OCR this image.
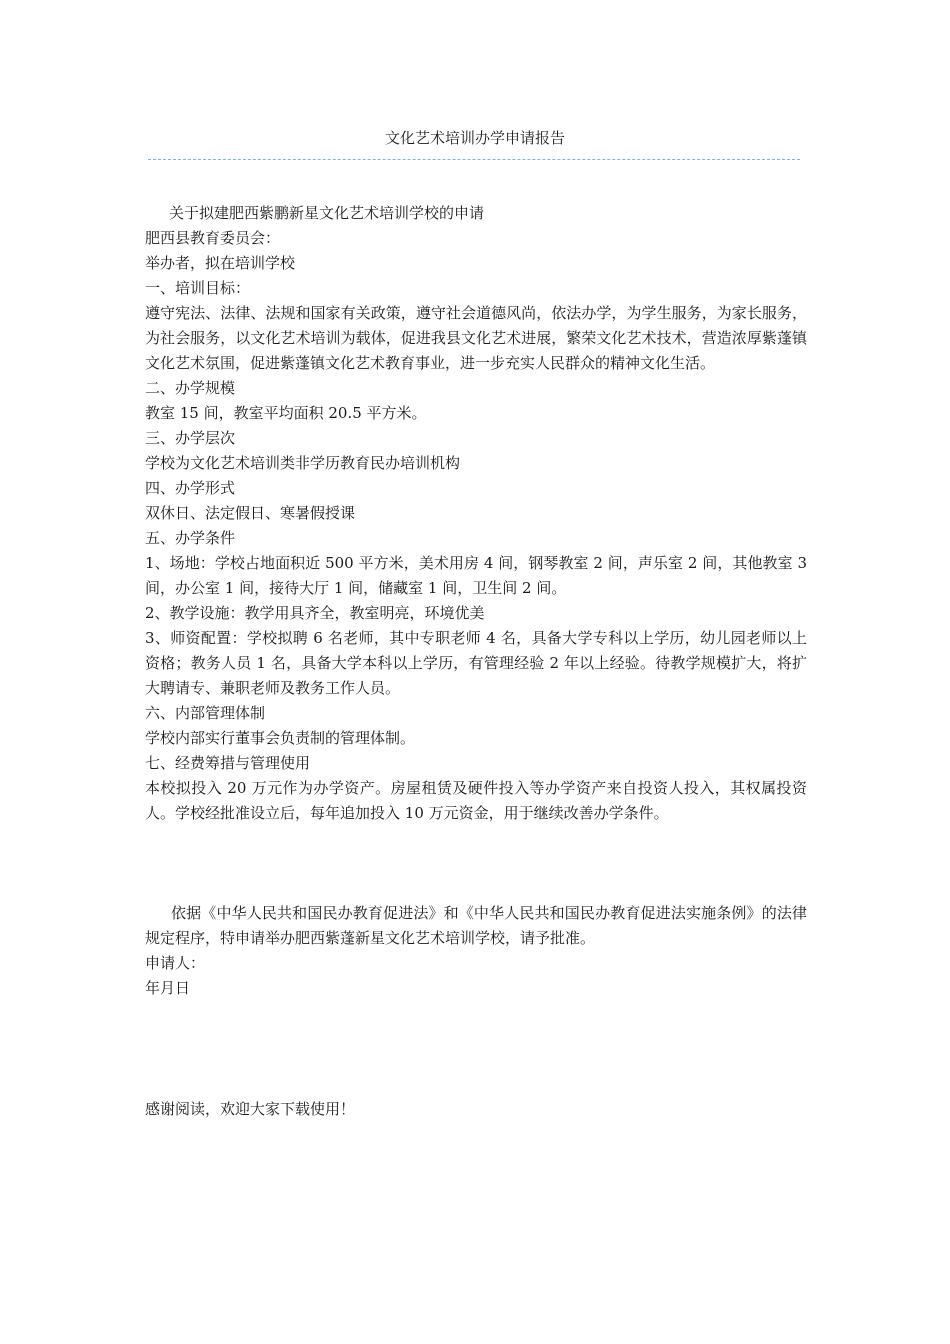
文化艺术培训办学申请报告

关于拟建肥西紫鹏新星文化艺术培训学校的申请

肥西县教育委员会：

举办者，拟在培训学校

一、培训目标：

遵守宪法、法律、法规和国家有关政策，遵守社会道德风尚，依法办学，为学生服务，为家长服务，为社会服务，以文化艺术培训为载体，促进我县文化艺术进展，繁荣文化艺术技术，营造浓厚紫蓬镇文化艺术氛围，促进紫蓬镇文化艺术教育事业，进一步充实人民群众的精神文化生活。

二、办学规模

教室 15 间，教室平均面积 20.5 平方米。

三、办学层次

学校为文化艺术培训类非学历教育民办培训机构

四、办学形式

双休日、法定假日、寒暑假授课

五、办学条件

1、场地：学校占地面积近 500 平方米，美术用房 4 间，钢琴教室 2 间，声乐室 2 间，其他教室 3 间，办公室 1 间，接待大厅 1 间，储藏室 1 间，卫生间 2 间。

2、教学设施：教学用具齐全，教室明亮，环境优美

3、师资配置：学校拟聘 6 名老师，其中专职老师 4 名，具备大学专科以上学历，幼儿园老师以上资格；教务人员 1 名，具备大学本科以上学历，有管理经验 2 年以上经验。待教学规模扩大，将扩大聘请专、兼职老师及教务工作人员。

六、内部管理体制

学校内部实行董事会负责制的管理体制。

七、经费筹措与管理使用

本校拟投入 20 万元作为办学资产。房屋租赁及硬件投入等办学资产来自投资人投入，其权属投资人。学校经批准设立后，每年追加投入 10 万元资金，用于继续改善办学条件。

依据《中华人民共和国民办教育促进法》和《中华人民共和国民办教育促进法实施条例》的法律规定程序，特申请举办肥西紫蓬新星文化艺术培训学校，请予批准。

申请人：

年月日

感谢阅读，欢迎大家下载使用！
